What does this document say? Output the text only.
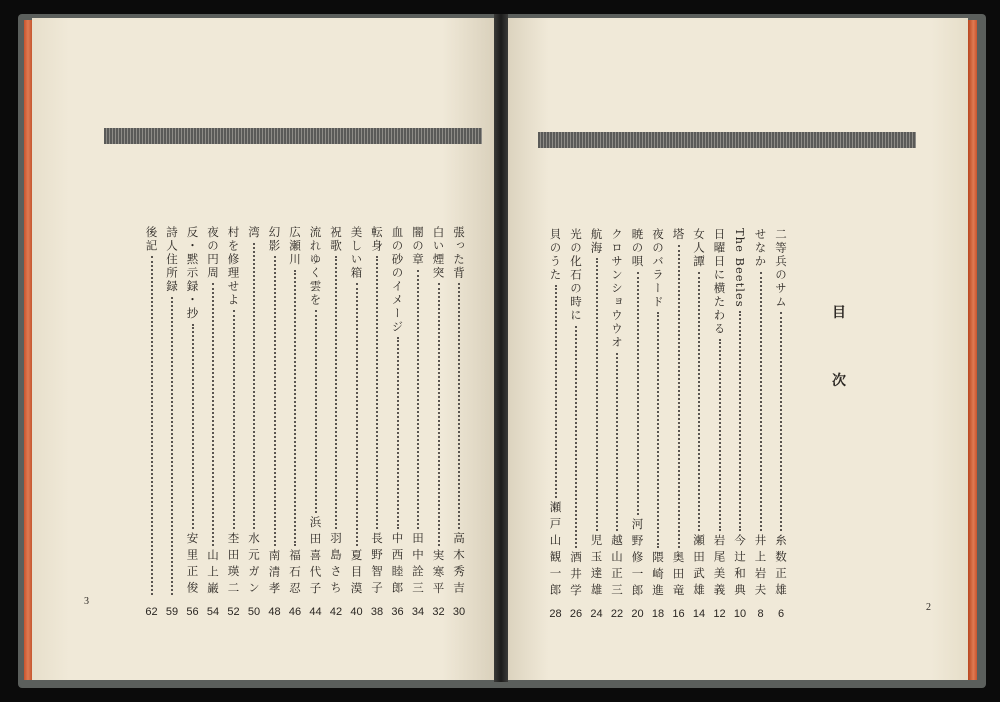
張った背
高木秀吉
30
白い煙突
実寒平
32
闇の章
田中詮三
34
血の砂のイメージ
中西睦郎
36
転身
長野智子
38
美しい箱
夏目漠
40
祝歌
羽島さち
42
流れゆく雲を
浜田喜代子
44
広瀬川
福石忍
46
幻影
南清孝
48
湾
水元ガン
50
村を修理せよ
杢田瑛二
52
夜の円周
山上巌
54
反・黙示録・抄
安里正俊
56
詩人住所録
59
後記
62
3
目
次
二等兵のサム
糸数正雄
6
せなか
井上岩夫
8
The Beetles
今辻和典
10
日曜日に横たわる
岩尾美義
12
女人譚
瀬田武雄
14
塔
奥田竜
16
夜のバラード
隈崎進
18
暁の唄
河野修一郎
20
クロサンショウウオ
越山正三
22
航海
児玉達雄
24
光の化石の時に
酒井学
26
貝のうた
瀬戸山観一郎
28
2
